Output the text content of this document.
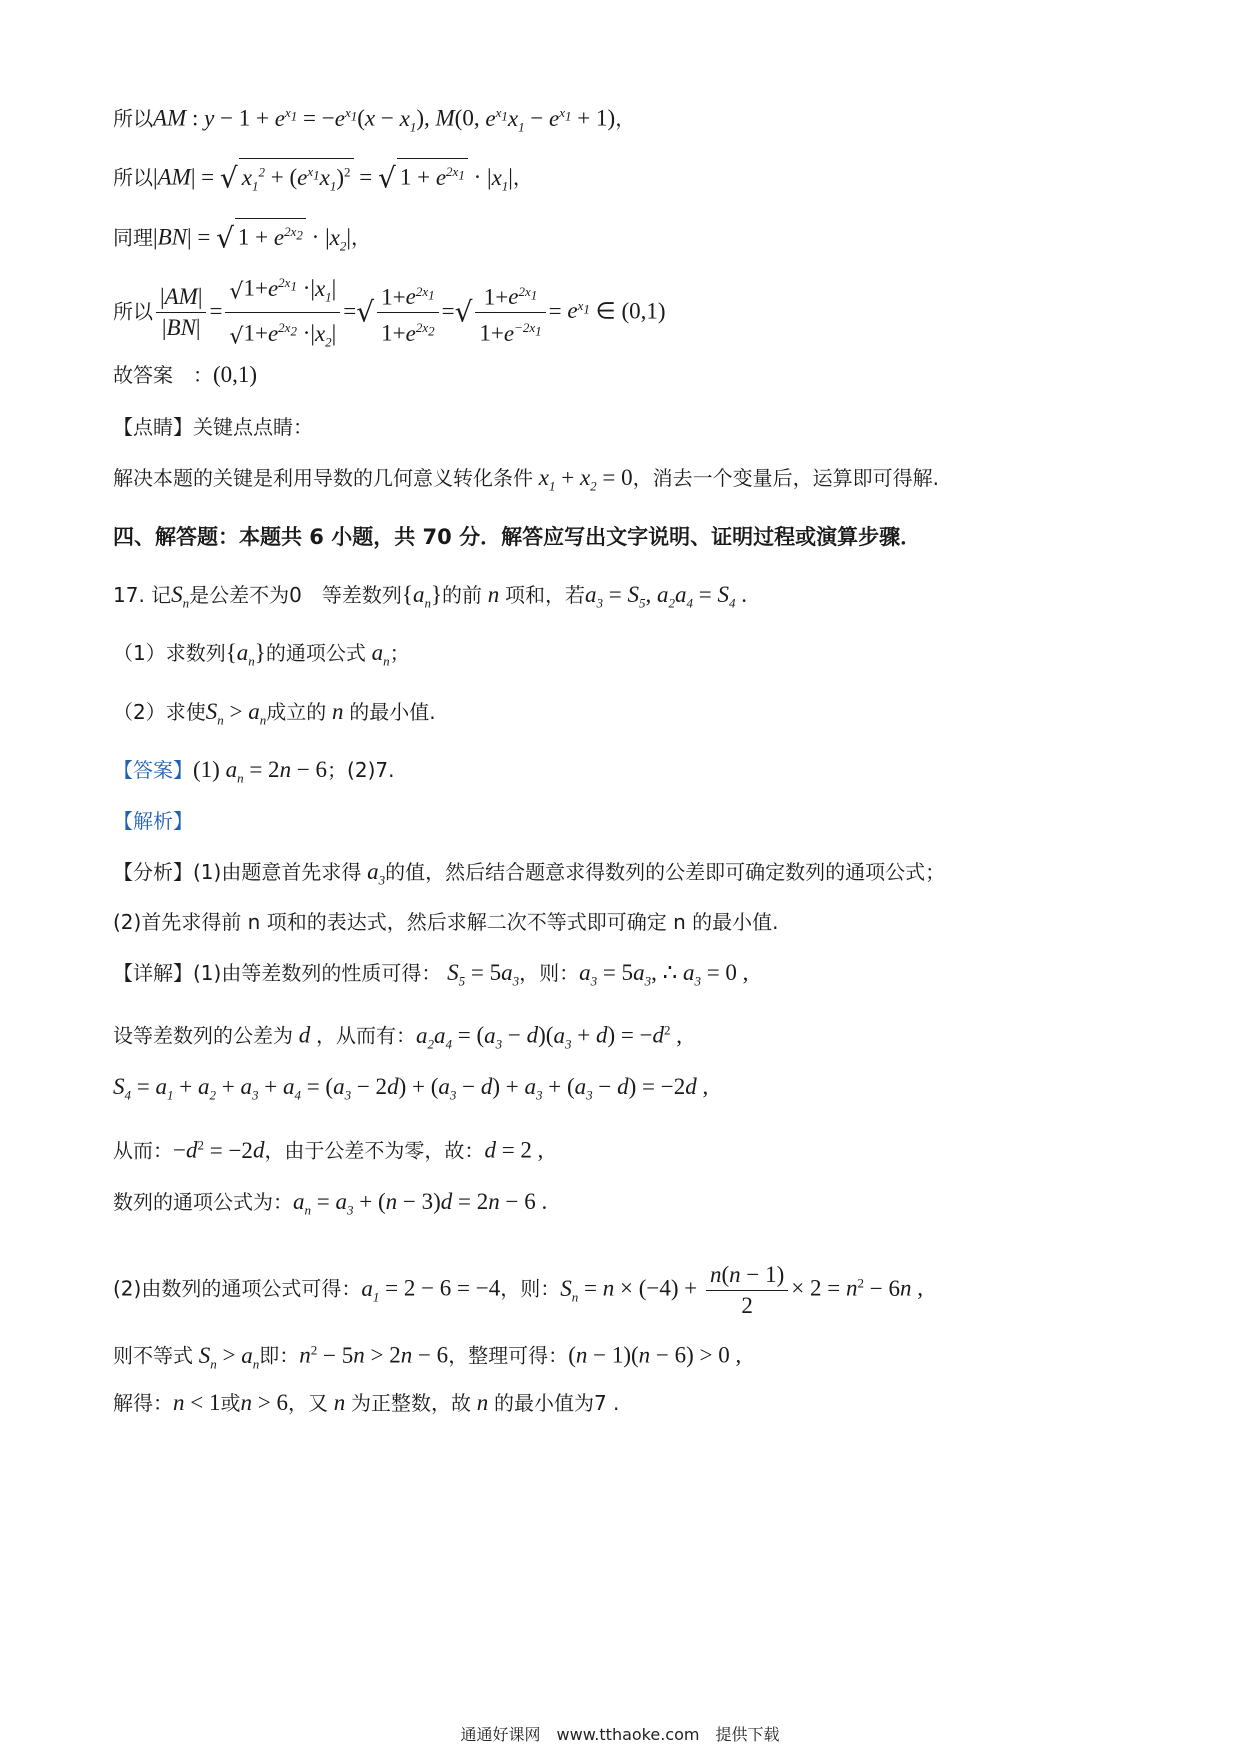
所以AM : $y - 1 + e^{x_1} = -e^{x_1}(x - x_1)$, M(0, $e^{x_1}x_1 - e^{x_1} + 1$)，
所以|AM| = √ $x_1^2 + (e^{x_1}x_1)^2$ = √ $1 + e^{2x_1} \cdot |x_1|$，
同理|BN| = √ $1 + e^{2x_2} \cdot |x_2|$，
所以 $\frac{|AM|}{|BN|} = \frac{√1+e^{2x_1} \cdot|x_1|}{√1+e^{2x_2} \cdot|x_2|}$ =√ $\frac{1+e^{2x_1}}{1+e^{2x_2}}$ =√ $\frac{1+e^{2x_1}}{1+e^{-2x_1}} = e^{x_1}$ ∈ (0,1)
故答案　：(0,1)
【点睛】关键点点睛：
解决本题的关键是利用导数的几何意义转化条件 $x_1 + x_2 = 0$，消去一个变量后，运算即可得解.
四、解答题：本题共 6 小题，共 70 分．解答应写出文字说明、证明过程或演算步骤．
17. 记$S_n$是公差不为0　等差数列$\{a_n\}$的前 n 项和，若$a_3 = S_5$, $a_2a_4 = S_4$ .
（1）求数列$\{a_n\}$的通项公式 $a_n$；
（2）求使$S_n > a_n$成立的 n 的最小值.
【答案】(1) $a_n = 2n - 6$；(2)7.
【解析】
【分析】(1)由题意首先求得 $a_3$的值，然后结合题意求得数列的公差即可确定数列的通项公式；
(2)首先求得前 n 项和的表达式，然后求解二次不等式即可确定 n 的最小值.
【详解】(1)由等差数列的性质可得： $S_5 = 5a_3$，则：$a_3 = 5a_3$, ∴ $a_3 = 0$ ,
设等差数列的公差为 d ，从而有：$a_2a_4 = (a_3 - d)(a_3 + d) = -d^2$ ,
$S_4 = a_1 + a_2 + a_3 + a_4 = (a_3 - 2d) + (a_3 - d) + a_3 + (a_3 - d) = -2d$ ,
从而：$-d^2 = -2d$，由于公差不为零，故：d = 2 ,
数列的通项公式为：$a_n = a_3 + (n - 3)d = 2n - 6$ .
(2)由数列的通项公式可得：$a_1 = 2 - 6 = -4$，则：$S_n = n \times (-4) + \frac{n(n - 1)}{2} \times 2 = n^2 - 6n$ ,
则不等式 $S_n > a_n$即：$n^2 - 5n > 2n - 6$，整理可得：(n − 1)(n − 6) > 0 ,
解得：n < 1或n > 6，又 n 为正整数，故 n 的最小值为7 .
通通好课网　www.tthaoke.com　提供下载
